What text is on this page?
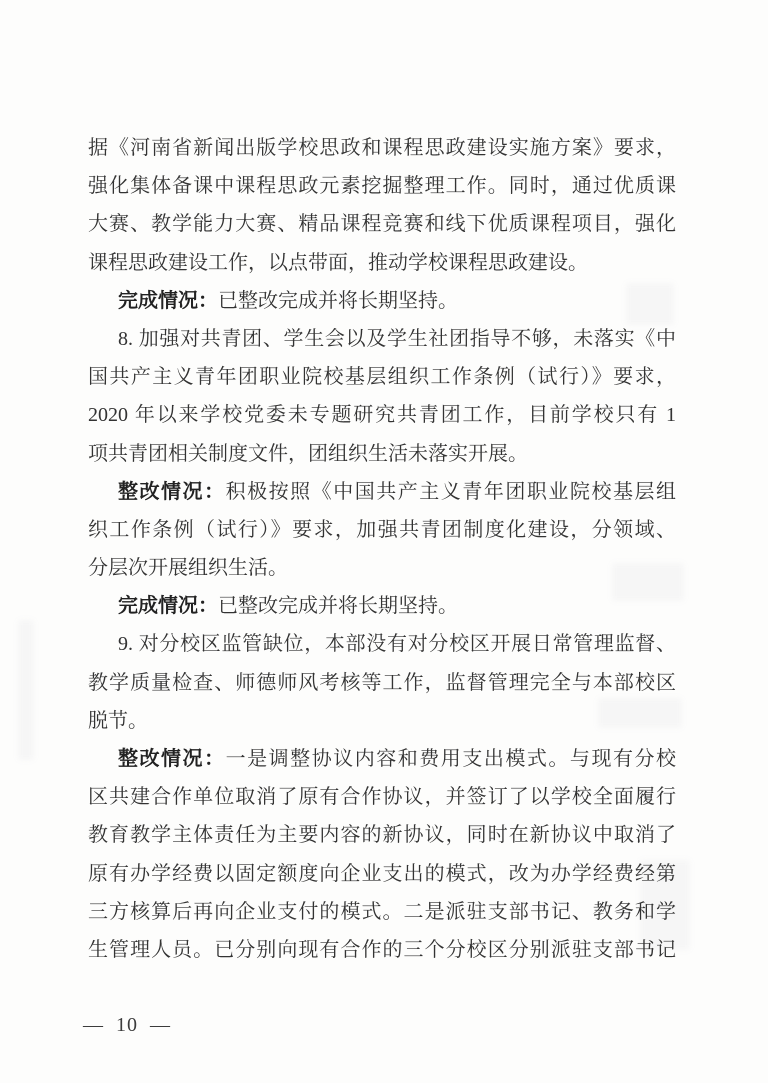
据《河南省新闻出版学校思政和课程思政建设实施方案》要求，
强化集体备课中课程思政元素挖掘整理工作。同时，通过优质课
大赛、教学能力大赛、精品课程竞赛和线下优质课程项目，强化
课程思政建设工作，以点带面，推动学校课程思政建设。
完成情况：已整改完成并将长期坚持。
8. 加强对共青团、学生会以及学生社团指导不够，未落实《中
国共产主义青年团职业院校基层组织工作条例（试行）》要求，
2020 年以来学校党委未专题研究共青团工作，目前学校只有 1
项共青团相关制度文件，团组织生活未落实开展。
整改情况：积极按照《中国共产主义青年团职业院校基层组
织工作条例（试行）》要求，加强共青团制度化建设，分领域、
分层次开展组织生活。
完成情况：已整改完成并将长期坚持。
9. 对分校区监管缺位，本部没有对分校区开展日常管理监督、
教学质量检查、师德师风考核等工作，监督管理完全与本部校区
脱节。
整改情况：一是调整协议内容和费用支出模式。与现有分校
区共建合作单位取消了原有合作协议，并签订了以学校全面履行
教育教学主体责任为主要内容的新协议，同时在新协议中取消了
原有办学经费以固定额度向企业支出的模式，改为办学经费经第
三方核算后再向企业支付的模式。二是派驻支部书记、教务和学
生管理人员。已分别向现有合作的三个分校区分别派驻支部书记
— 10 —
